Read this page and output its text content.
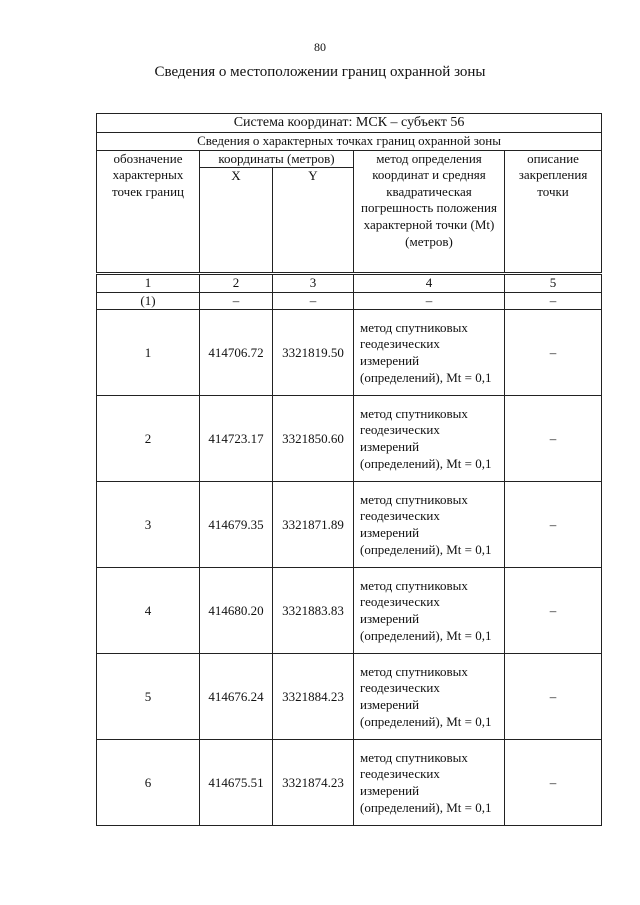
80
Сведения о местоположении границ охранной зоны
Система координат: МСК – субъект 56				
Сведения о характерных точках границ охранной зоны				
обозначение характерных точек границ	координаты (метров)		метод определения координат и средняя квадратическая погрешность положения характерной точки (Mt) (метров)	описание закрепления точки
	X	Y		
1	2	3	4	5
(1)	–	–	–	–
1	414706.72	3321819.50	метод спутниковых геодезических измерений (определений), Mt = 0,1	–
2	414723.17	3321850.60	метод спутниковых геодезических измерений (определений), Mt = 0,1	–
3	414679.35	3321871.89	метод спутниковых геодезических измерений (определений), Mt = 0,1	–
4	414680.20	3321883.83	метод спутниковых геодезических измерений (определений), Mt = 0,1	–
5	414676.24	3321884.23	метод спутниковых геодезических измерений (определений), Mt = 0,1	–
6	414675.51	3321874.23	метод спутниковых геодезических измерений (определений), Mt = 0,1	–
